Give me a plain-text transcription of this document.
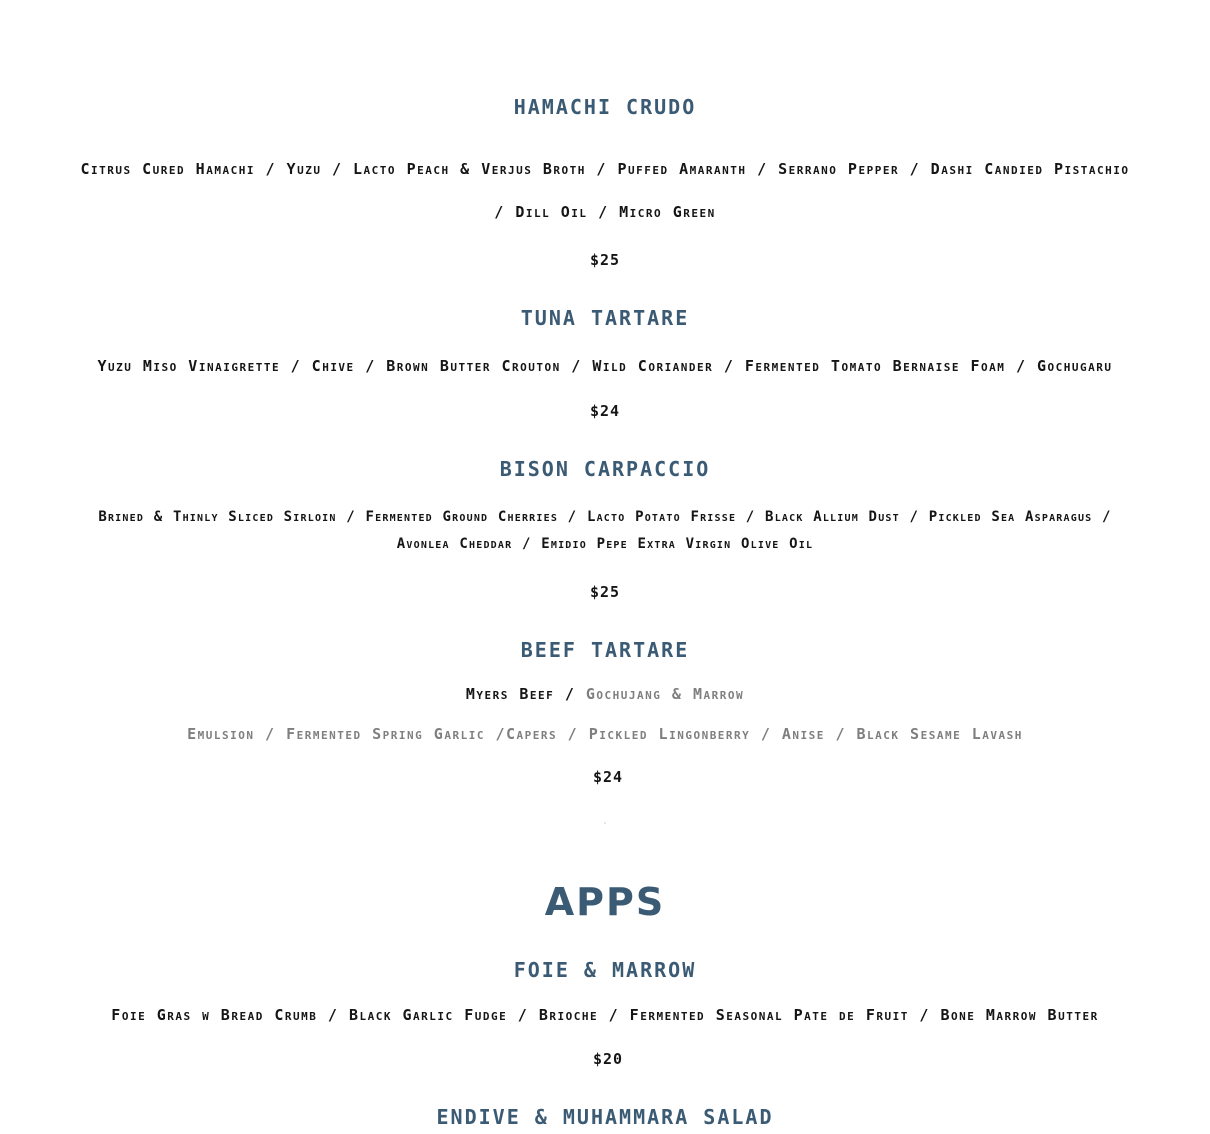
HAMACHI CRUDO
Citrus Cured Hamachi / Yuzu / Lacto Peach & Verjus Broth / Puffed Amaranth / Serrano Pepper / Dashi Candied Pistachio
/ Dill Oil / Micro Green
$25
TUNA TARTARE
Yuzu Miso Vinaigrette / Chive / Brown Butter Crouton / Wild Coriander / Fermented Tomato Bernaise Foam / Gochugaru
$24
BISON CARPACCIO
Brined & Thinly Sliced Sirloin / Fermented Ground Cherries / Lacto Potato Frisse / Black Allium Dust / Pickled Sea Asparagus /
Avonlea Cheddar / Emidio Pepe Extra Virgin Olive Oil
$25
BEEF TARTARE
Myers Beef / Gochujang & Marrow
Emulsion / Fermented Spring Garlic /Capers / Pickled Lingonberry / Anise / Black Sesame Lavash
$24
APPS
FOIE & MARROW
Foie Gras w Bread Crumb / Black Garlic Fudge / Brioche / Fermented Seasonal Pate de Fruit / Bone Marrow Butter
$20
ENDIVE & MUHAMMARA SALAD
